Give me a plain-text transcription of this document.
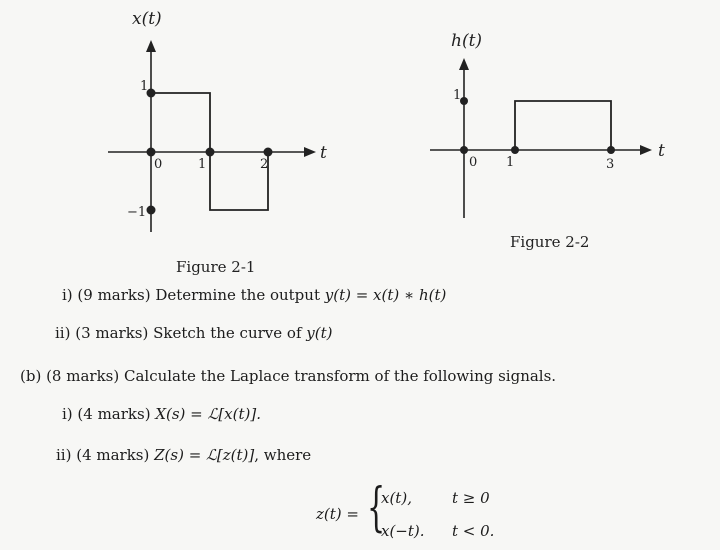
x(t)
t
1
−1
0	1	2
Figure 2-1
h(t)
t
1
0 1	3
Figure 2-2
i) (9 marks) Determine the output y(t) = x(t) ∗ h(t)
ii) (3 marks) Sketch the curve of y(t)
(b) (8 marks) Calculate the Laplace transform of the following signals.
i) (4 marks) X(s) = ℒ[x(t)].
ii) (4 marks) Z(s) = ℒ[z(t)], where
z(t) = {
x(t),	t ≥ 0
x(−t). t < 0.
